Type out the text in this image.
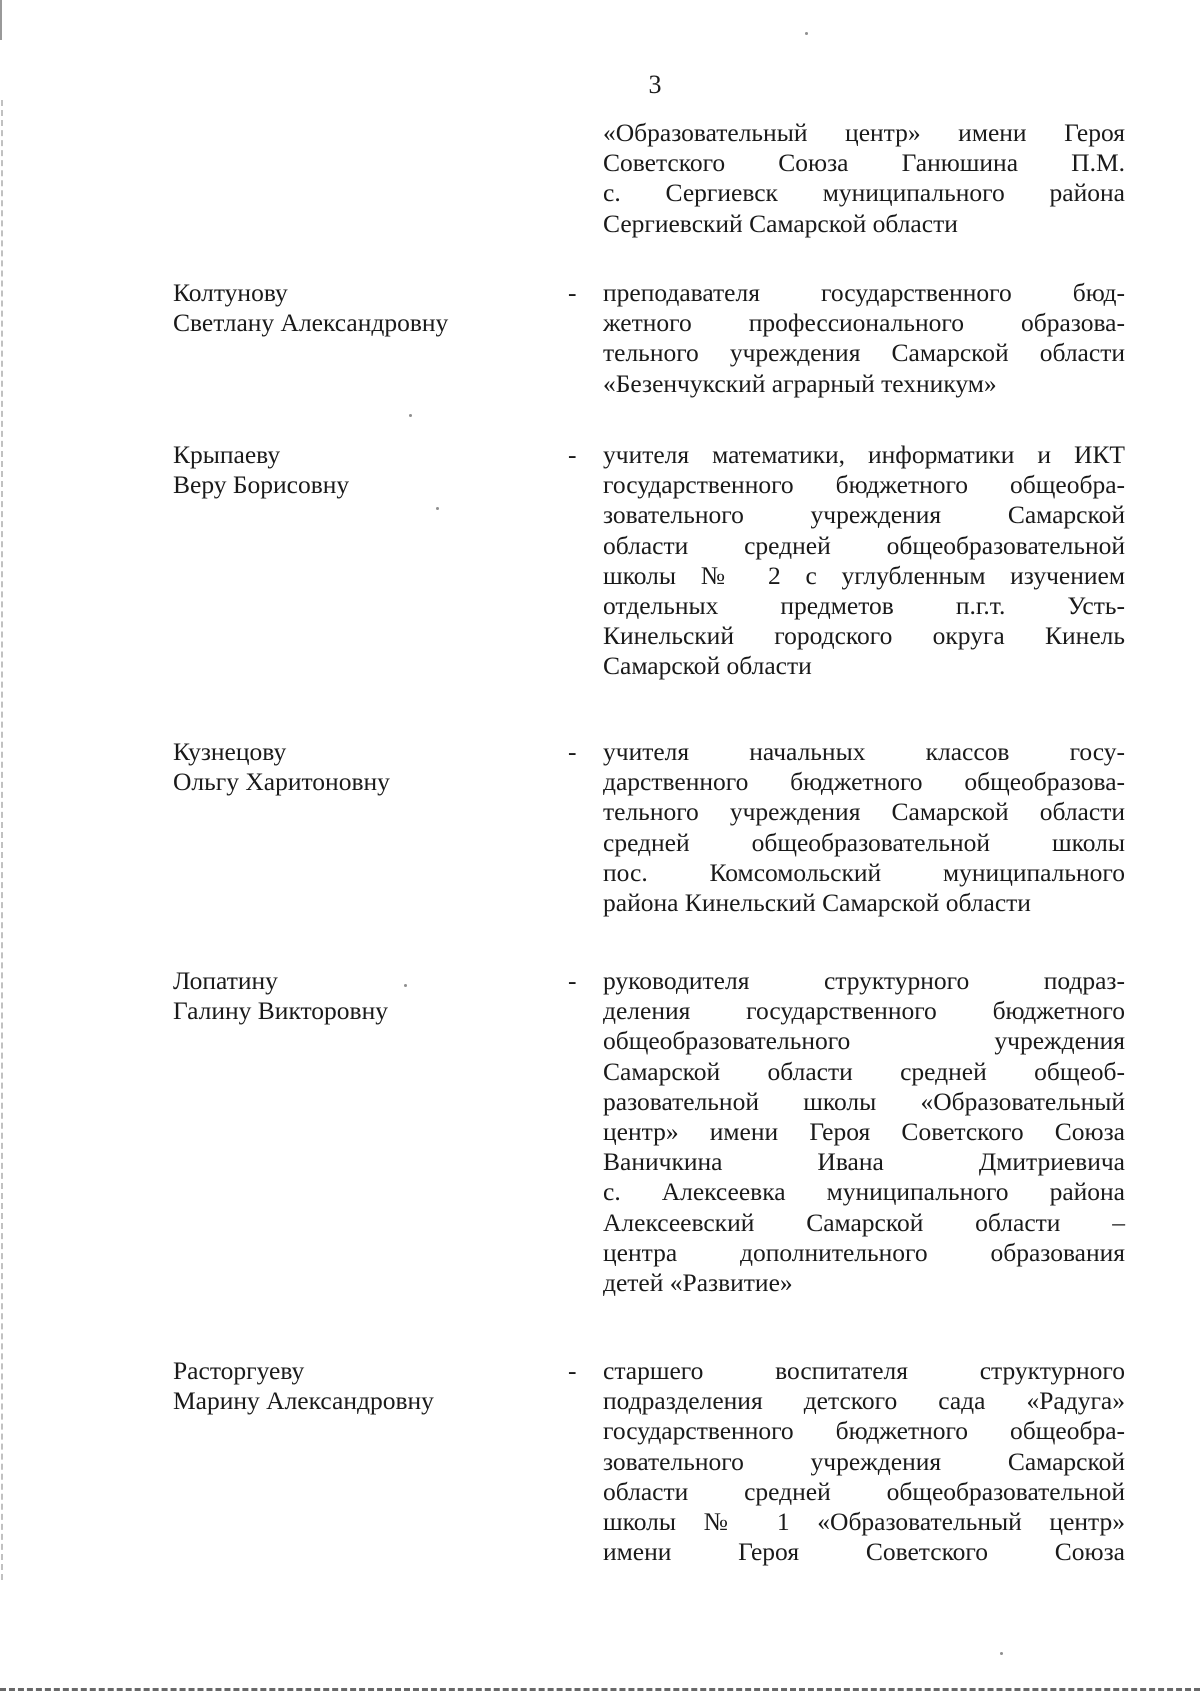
3
«Образовательный центр» имени Героя
Советского Союза Ганюшина П.М.
с. Сергиевск муниципального района
Сергиевский Самарской области
Колтунову
Светлану Александровну
- преподавателя государственного бюд-
жетного профессионального образова-
тельного учреждения Самарской области
«Безенчукский аграрный техникум»
Крыпаеву
Веру Борисовну
- учителя математики, информатики и ИКТ
государственного бюджетного общеобра-
зовательного учреждения Самарской
области средней общеобразовательной
школы № 2 с углубленным изучением
отдельных предметов п.г.т. Усть-
Кинельский городского округа Кинель
Самарской области
Кузнецову
Ольгу Харитоновну
- учителя начальных классов госу-
дарственного бюджетного общеобразова-
тельного учреждения Самарской области
средней общеобразовательной школы
пос. Комсомольский муниципального
района Кинельский Самарской области
Лопатину
Галину Викторовну
- руководителя структурного подраз-
деления государственного бюджетного
общеобразовательного учреждения
Самарской области средней общеоб-
разовательной школы «Образовательный
центр» имени Героя Советского Союза
Ваничкина Ивана Дмитриевича
с. Алексеевка муниципального района
Алексеевский Самарской области –
центра дополнительного образования
детей «Развитие»
Расторгуеву
Марину Александровну
- старшего воспитателя структурного
подразделения детского сада «Радуга»
государственного бюджетного общеобра-
зовательного учреждения Самарской
области средней общеобразовательной
школы № 1 «Образовательный центр»
имени Героя Советского Союза
